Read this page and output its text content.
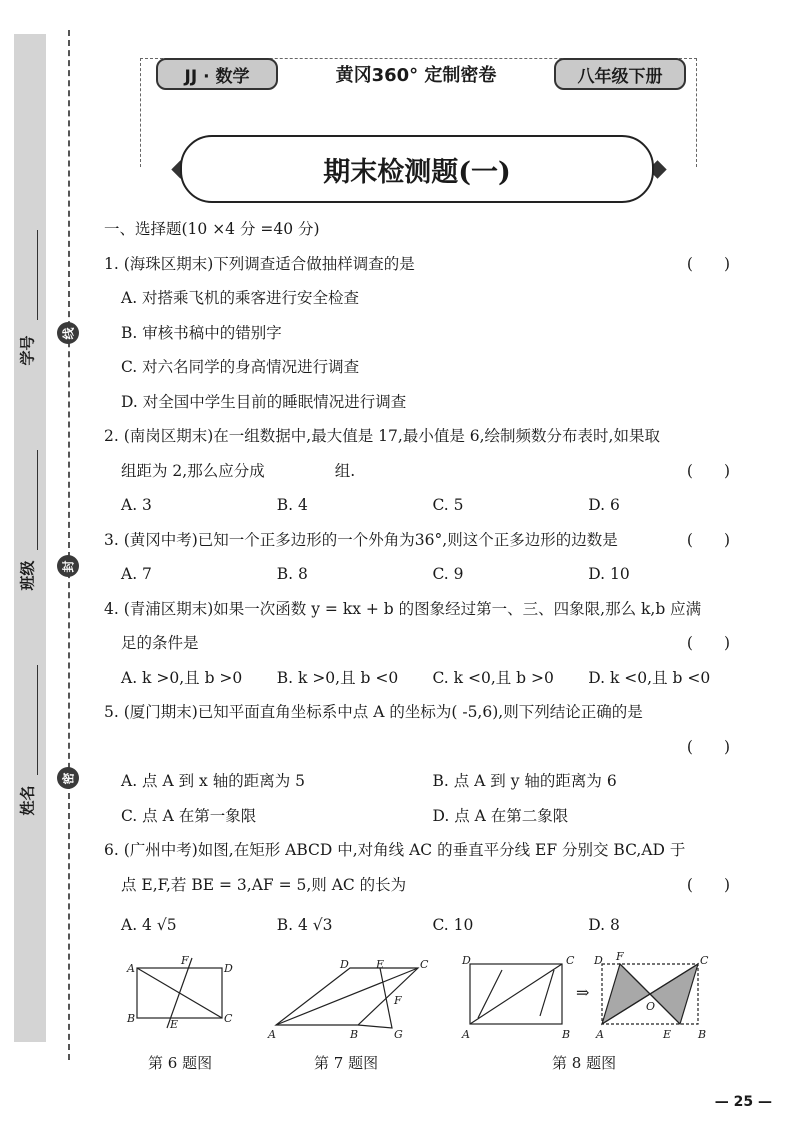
学号
班级
姓名
线
封
密
JJ · 数学	黄冈360° 定制密卷	八年级下册
期末检测题(一)
一、选择题(10 ×4 分 =40 分)
1. (海珠区期末)下列调查适合做抽样调查的是	(　　)
A. 对搭乘飞机的乘客进行安全检查
B. 审核书稿中的错别字
C. 对六名同学的身高情况进行调查
D. 对全国中学生目前的睡眠情况进行调查
2. (南岗区期末)在一组数据中,最大值是 17,最小值是 6,绘制频数分布表时,如果取
组距为 2,那么应分成	组.	(　　)
A. 3	B. 4	C. 5	D. 6
3. (黄冈中考)已知一个正多边形的一个外角为36°,则这个正多边形的边数是	(　　)
A. 7	B. 8	C. 9	D. 10
4. (青浦区期末)如果一次函数 y = kx + b 的图象经过第一、三、四象限,那么 k,b 应满
足的条件是	(　　)
A. k >0,且 b >0	B. k >0,且 b <0	C. k <0,且 b >0	D. k <0,且 b <0
5. (厦门期末)已知平面直角坐标系中点 A 的坐标为( -5,6),则下列结论正确的是
(　　)
A. 点 A 到 x 轴的距离为 5	B. 点 A 到 y 轴的距离为 6
C. 点 A 在第一象限	D. 点 A 在第二象限
6. (广州中考)如图,在矩形 ABCD 中,对角线 AC 的垂直平分线 EF 分别交 BC,AD 于
点 E,F,若 BE = 3,AF = 5,则 AC 的长为	(　　)
A. 4 √5	B. 4 √3	C. 10	D. 8
A	D
B	C
F
E
A	B
C
D E
F
G
D	C
A	B
⇒
D F	C
O
A	E B
第 6 题图	第 7 题图	第 8 题图
— 25 —
